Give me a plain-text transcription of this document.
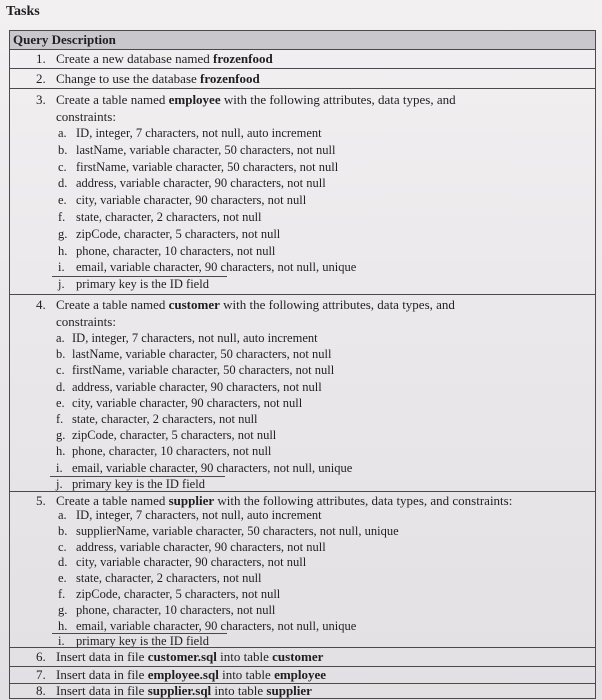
Tasks
Query Description
1. Create a new database named frozenfood
2. Change to use the database frozenfood
3. Create a table named employee with the following attributes, data types, and
constraints:
a. ID, integer, 7 characters, not null, auto increment
b. lastName, variable character, 50 characters, not null
c. firstName, variable character, 50 characters, not null
d. address, variable character, 90 characters, not null
e. city, variable character, 90 characters, not null
f. state, character, 2 characters, not null
g. zipCode, character, 5 characters, not null
h. phone, character, 10 characters, not null
i. email, variable character, 90 characters, not null, unique
j. primary key is the ID field
4. Create a table named customer with the following attributes, data types, and
constraints:
a. ID, integer, 7 characters, not null, auto increment
b. lastName, variable character, 50 characters, not null
c. firstName, variable character, 50 characters, not null
d. address, variable character, 90 characters, not null
e. city, variable character, 90 characters, not null
f. state, character, 2 characters, not null
g. zipCode, character, 5 characters, not null
h. phone, character, 10 characters, not null
i. email, variable character, 90 characters, not null, unique
j. primary key is the ID field
5. Create a table named supplier with the following attributes, data types, and constraints:
a. ID, integer, 7 characters, not null, auto increment
b. supplierName, variable character, 50 characters, not null, unique
c. address, variable character, 90 characters, not null
d. city, variable character, 90 characters, not null
e. state, character, 2 characters, not null
f. zipCode, character, 5 characters, not null
g. phone, character, 10 characters, not null
h. email, variable character, 90 characters, not null, unique
i. primary key is the ID field
6. Insert data in file customer.sql into table customer
7. Insert data in file employee.sql into table employee
8. Insert data in file supplier.sql into table supplier
